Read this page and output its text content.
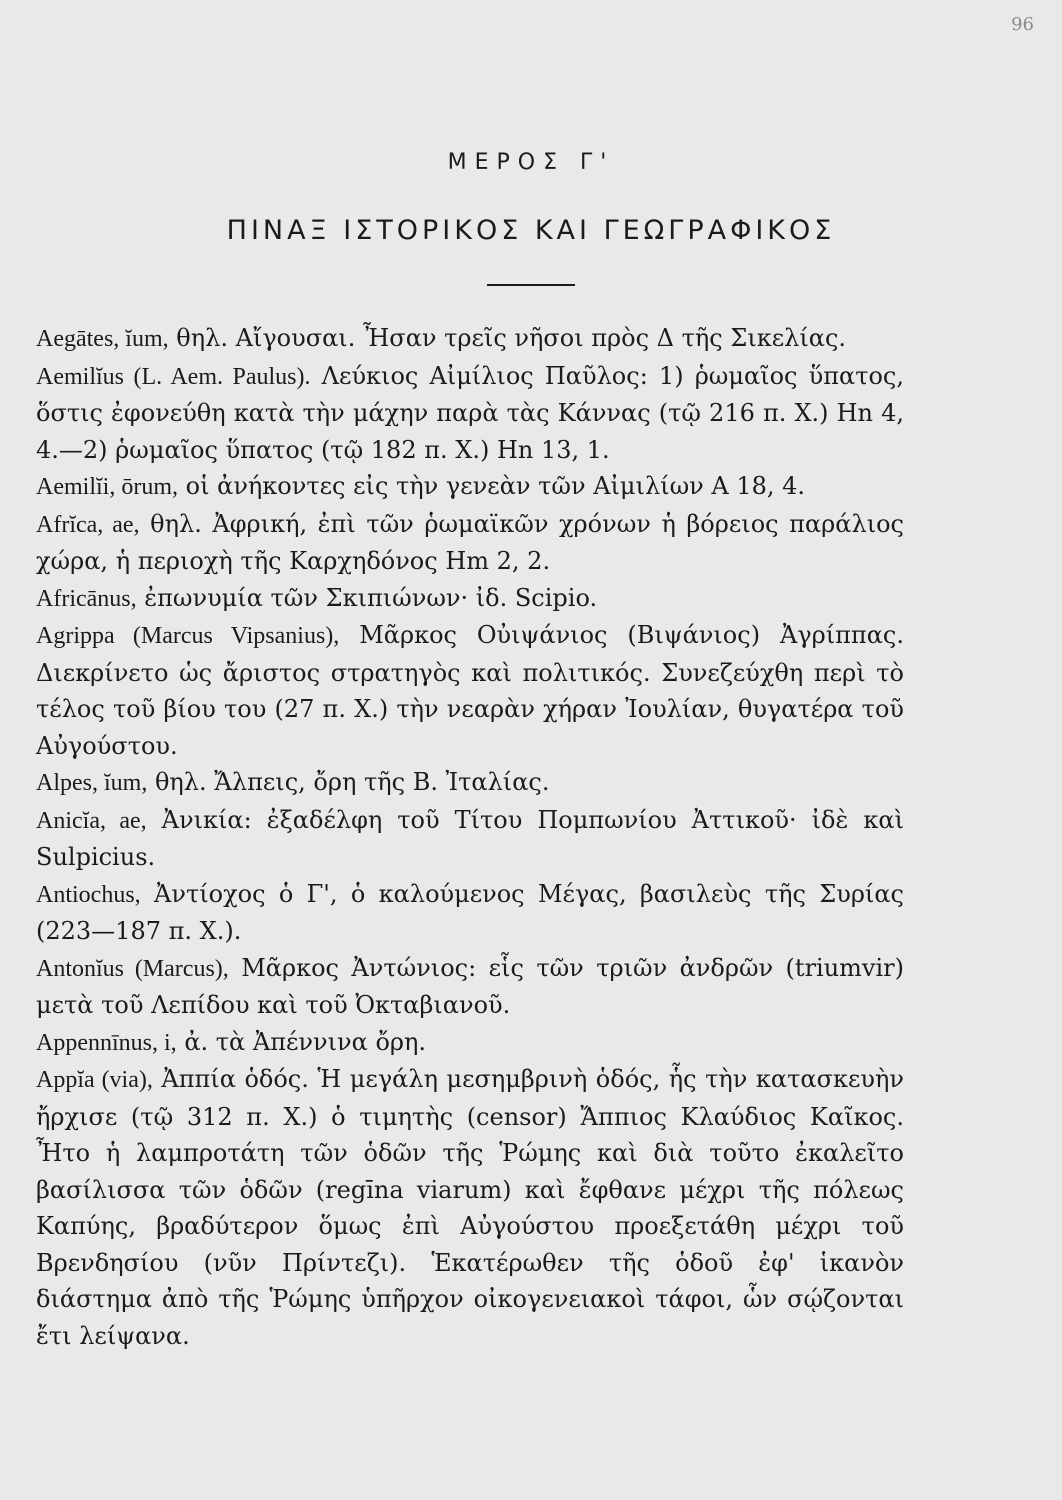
96

ΜΕΡΟΣ Γ'

ΠΙΝΑΞ ΙΣΤΟΡΙΚΟΣ ΚΑΙ ΓΕΩΓΡΑΦΙΚΟΣ

Aegātes, ĭum, θηλ. Αἴγουσαι. Ἦσαν τρεῖς νῆσοι πρὸς Δ τῆς Σικελίας.

Aemilĭus (L. Aem. Paulus). Λεύκιος Αἰμίλιος Παῦλος: 1) ῥωμαῖος ὕπατος, ὅστις ἐφονεύθη κατὰ τὴν μάχην παρὰ τὰς Κάννας (τῷ 216 π. Χ.) Hn 4, 4.—2) ῥωμαῖος ὕπατος (τῷ 182 π. Χ.) Hn 13, 1.

Aemilĭi, ōrum, οἱ ἀνήκοντες εἰς τὴν γενεὰν τῶν Αἰμιλίων A 18, 4.

Afrĭca, ae, θηλ. Ἀφρική, ἐπὶ τῶν ῥωμαϊκῶν χρόνων ἡ βόρειος παράλιος χώρα, ἡ περιοχὴ τῆς Καρχηδόνος Hm 2, 2.

Africānus, ἐπωνυμία τῶν Σκιπιώνων· ἰδ. Scipio.

Agrippa (Marcus Vipsanius), Μᾶρκος Οὐιψάνιος (Βιψάνιος) Ἀγρίππας. Διεκρίνετο ὡς ἄριστος στρατηγὸς καὶ πολιτικός. Συνεζεύχθη περὶ τὸ τέλος τοῦ βίου του (27 π. Χ.) τὴν νεαρὰν χήραν Ἰουλίαν, θυγατέρα τοῦ Αὐγούστου.

Alpes, ĭum, θηλ. Ἄλπεις, ὄρη τῆς Β. Ἰταλίας.

Anicĭa, ae, Ἀνικία: ἐξαδέλφη τοῦ Τίτου Πομπωνίου Ἀττικοῦ· ἰδὲ καὶ Sulpicius.

Antiochus, Ἀντίοχος ὁ Γ', ὁ καλούμενος Μέγας, βασιλεὺς τῆς Συρίας (223—187 π. Χ.).

Antonĭus (Marcus), Μᾶρκος Ἀντώνιος: εἷς τῶν τριῶν ἀνδρῶν (triumvir) μετὰ τοῦ Λεπίδου καὶ τοῦ Ὀκταβιανοῦ.

Appennīnus, i, ἀ. τὰ Ἀπέννινα ὄρη.

Appĭa (via), Ἀππία ὁδός. Ἡ μεγάλη μεσημβρινὴ ὁδός, ἧς τὴν κατασκευὴν ἤρχισε (τῷ 312 π. Χ.) ὁ τιμητὴς (censor) Ἄππιος Κλαύδιος Καῖκος. Ἦτο ἡ λαμπροτάτη τῶν ὁδῶν τῆς Ῥώμης καὶ διὰ τοῦτο ἐκαλεῖτο βασίλισσα τῶν ὁδῶν (regīna viarum) καὶ ἔφθανε μέχρι τῆς πόλεως Καπύης, βραδύτερον ὅμως ἐπὶ Αὐγούστου προεξετάθη μέχρι τοῦ Βρενδησίου (νῦν Πρίντεζι). Ἑκατέρωθεν τῆς ὁδοῦ ἐφ' ἱκανὸν διάστημα ἀπὸ τῆς Ῥώμης ὑπῆρχον οἰκογενειακοὶ τάφοι, ὧν σῴζονται ἔτι λείψανα.
